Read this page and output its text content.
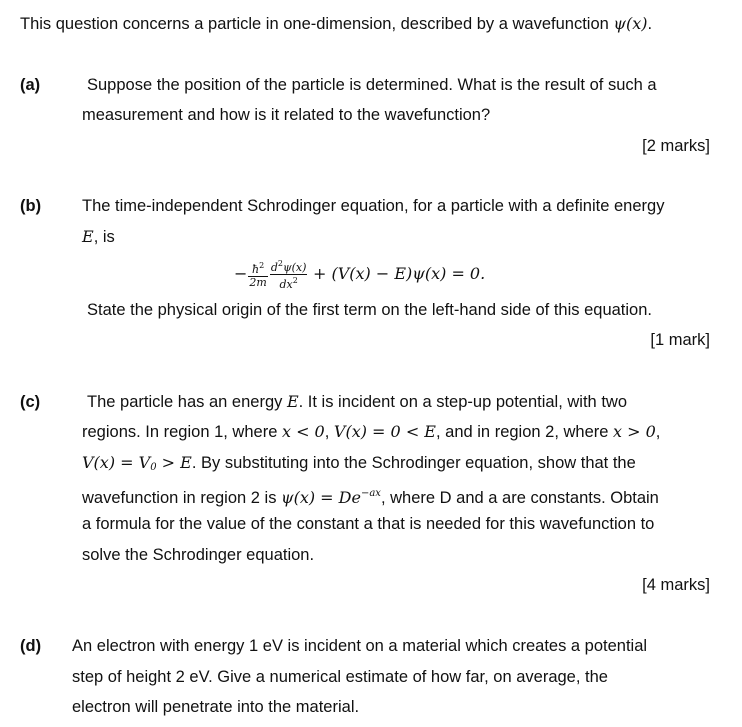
This question concerns a particle in one-dimension, described by a wavefunction ψ(x).
(a)	Suppose the position of the particle is determined. What is the result of such a
measurement and how is it related to the wavefunction?
[2 marks]
(b) The time-independent Schrodinger equation, for a particle with a definite energy
E, is
− $\frac{ħ^2}{2m} \frac{d^2\psi(x)}{dx^2} + (V(x) - E)\psi(x) = 0$.
State the physical origin of the first term on the left-hand side of this equation.
[1 mark]
(c)	The particle has an energy E. It is incident on a step-up potential, with two
regions. In region 1, where x < 0, V(x) = 0 < E, and in region 2, where x > 0,
$V(x) = V_0 > E$. By substituting into the Schrodinger equation, show that the
wavefunction in region 2 is $\psi(x) = De^{-ax}$, where D and a are constants. Obtain
a formula for the value of the constant a that is needed for this wavefunction to
solve the Schrodinger equation.
[4 marks]
(d) An electron with energy 1 eV is incident on a material which creates a potential
step of height 2 eV. Give a numerical estimate of how far, on average, the
electron will penetrate into the material.
